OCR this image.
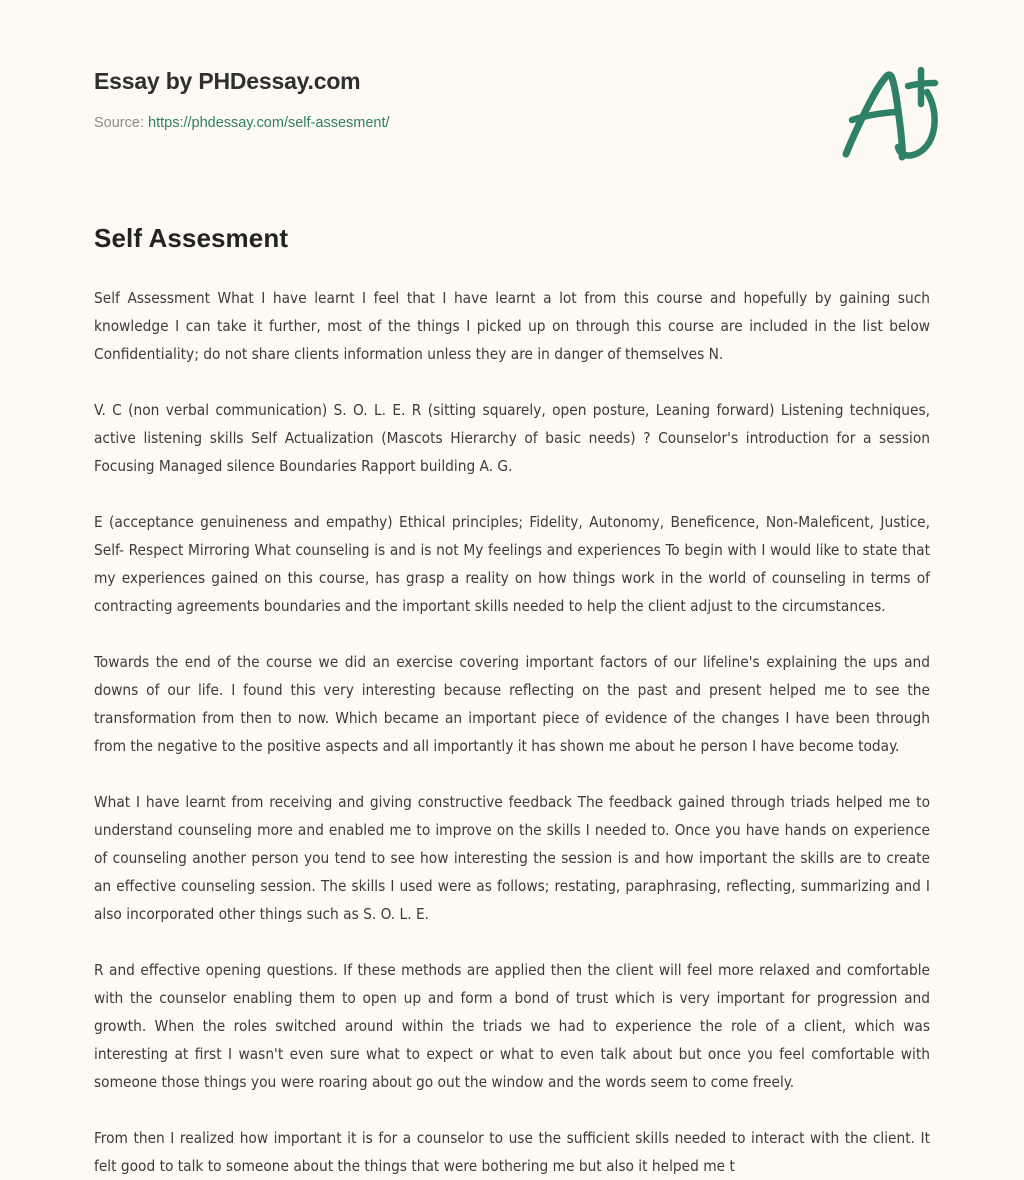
Essay by PHDessay.com
Source: https://phdessay.com/self-assesment/
Self Assesment

Self Assessment What I have learnt I feel that I have learnt a lot from this course and hopefully by gaining such knowledge I can take it further, most of the things I picked up on through this course are included in the list below Confidentiality; do not share clients information unless they are in danger of themselves N.

V. C (non verbal communication) S. O. L. E. R (sitting squarely, open posture, Leaning forward) Listening techniques, active listening skills Self Actualization (Mascots Hierarchy of basic needs) ? Counselor's introduction for a session Focusing Managed silence Boundaries Rapport building A. G.

E (acceptance genuineness and empathy) Ethical principles; Fidelity, Autonomy, Beneficence, Non-Maleficent, Justice, Self- Respect Mirroring What counseling is and is not My feelings and experiences To begin with I would like to state that my experiences gained on this course, has grasp a reality on how things work in the world of counseling in terms of contracting agreements boundaries and the important skills needed to help the client adjust to the circumstances.

Towards the end of the course we did an exercise covering important factors of our lifeline's explaining the ups and downs of our life. I found this very interesting because reflecting on the past and present helped me to see the transformation from then to now. Which became an important piece of evidence of the changes I have been through from the negative to the positive aspects and all importantly it has shown me about he person I have become today.

What I have learnt from receiving and giving constructive feedback The feedback gained through triads helped me to understand counseling more and enabled me to improve on the skills I needed to. Once you have hands on experience of counseling another person you tend to see how interesting the session is and how important the skills are to create an effective counseling session. The skills I used were as follows; restating, paraphrasing, reflecting, summarizing and I also incorporated other things such as S. O. L. E.

R and effective opening questions. If these methods are applied then the client will feel more relaxed and comfortable with the counselor enabling them to open up and form a bond of trust which is very important for progression and growth. When the roles switched around within the triads we had to experience the role of a client, which was interesting at first I wasn't even sure what to expect or what to even talk about but once you feel comfortable with someone those things you were roaring about go out the window and the words seem to come freely.

From then I realized how important it is for a counselor to use the sufficient skills needed to interact with the client. It felt good to talk to someone about the things that were bothering me but also it helped me t
